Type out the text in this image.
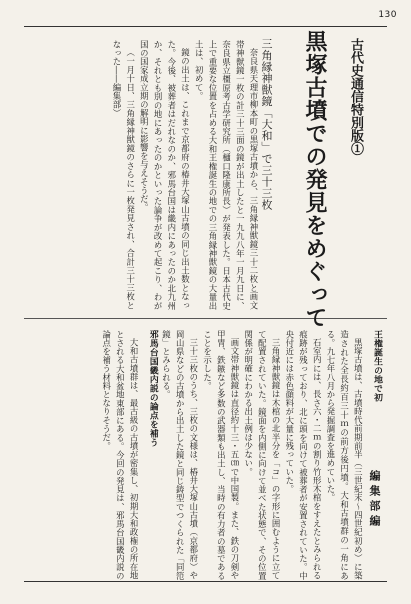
130
古代史通信特別版①
黒塚古墳での発見をめぐって
三角縁神獣鏡「大和」で三十三枚

奈良県天理市柳本町の黒塚古墳から、三角縁神獣鏡三十二枚と画文帯神獣鏡一枚の計三十三面の鏡が出土したと一九九八年一月九日に、奈良県立橿原考古学研究所（樋口隆康所長）が発表した。日本古代史上で重要な位置を占める大和王権誕生の地での三角縁神獣鏡の大量出土は、初めて。

鏡の出土は、これまで京都府の椿井大塚山古墳の同じ出土数となった。今後、被葬者はだれなのか、邪馬台国は畿内にあったのか北九州か、それとも別の地にあったのかといった論争が改めて起こり、わが国の国家成立期の解明に影響を与えそうだ。

（一月十日、三角縁神獣鏡のさらに一枚発見され、合計三十三枚となった――編集部）

王権誕生の地で初

黒塚古墳は、古墳時代前期前半（三世紀末～四世紀初め）に築造された全長約百三十ｍの前方後円墳。大和古墳群の一角にある。九七年八月から発掘調査を進めていた。

石室内には、長さ六・二ｍの割り竹形木棺をすえたとみられる痕跡が残っており、北に頭を向けて被葬者が安置されていた。中央付近には赤色顔料が大量に残っていた。

三角縁神獣鏡は木棺の北半分を「コ」の字形に囲むように立てて配置されていた。鏡面を内側に向けて並べた状態で、その位置関係が明確にわかる出土例は少ない。

画文帯神獣鏡は直径約十三・五㎝で中国製。また、鉄の刀剣や甲冑、鉄鏃など多数の武器類も出土し、当時の有力者の墓であることを示した。

三十三枚のうち、三枚の文様は、椿井大塚山古墳（京都府）や岡山県などの古墳から出土した鏡と同じ鋳型でつくられた「同笵鏡」とみられる。

邪馬台国畿内説の論点を補う

大和古墳群は、最古級の古墳が密集し、初期大和政権の所在地とされる大和盆地東部にある。今回の発見は、邪馬台国畿内説の論点を補う材料となりそうだ。

編集部編
